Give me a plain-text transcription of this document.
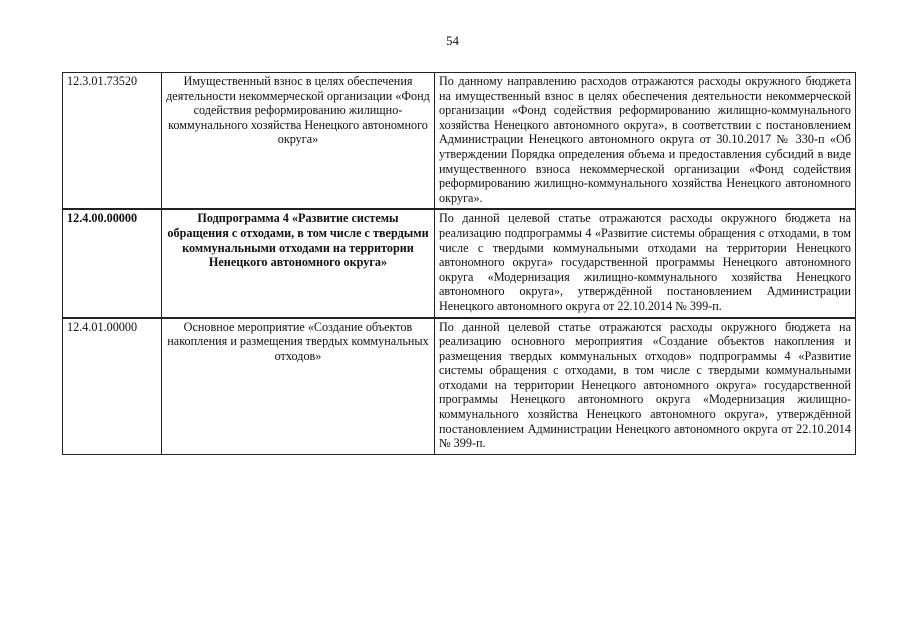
54
12.3.01.73520	Имущественный взнос в целях обеспечения деятельности некоммерческой организации «Фонд содействия реформированию жилищно-коммунального хозяйства Ненецкого автономного округа»	По данному направлению расходов отражаются расходы окружного бюджета на имущественный взнос в целях обеспечения деятельности некоммерческой организации «Фонд содействия реформированию жилищно-коммунального хозяйства Ненецкого автономного округа», в соответствии с постановлением Администрации Ненецкого автономного округа от 30.10.2017 № 330-п «Об утверждении Порядка определения объема и предоставления субсидий в виде имущественного взноса некоммерческой организации «Фонд содействия реформированию жилищно-коммунального хозяйства Ненецкого автономного округа».
12.4.00.00000	Подпрограмма 4 «Развитие системы обращения с отходами, в том числе с твердыми коммунальными отходами на территории Ненецкого автономного округа»	По данной целевой статье отражаются расходы окружного бюджета на реализацию подпрограммы 4 «Развитие системы обращения с отходами, в том числе с твердыми коммунальными отходами на территории Ненецкого автономного округа» государственной программы Ненецкого автономного округа «Модернизация жилищно-коммунального хозяйства Ненецкого автономного округа», утверждённой постановлением Администрации Ненецкого автономного округа от 22.10.2014 № 399-п.
12.4.01.00000	Основное мероприятие «Создание объектов накопления и размещения твердых коммунальных отходов»	По данной целевой статье отражаются расходы окружного бюджета на реализацию основного мероприятия «Создание объектов накопления и размещения твердых коммунальных отходов» подпрограммы 4 «Развитие системы обращения с отходами, в том числе с твердыми коммунальными отходами на территории Ненецкого автономного округа» государственной программы Ненецкого автономного округа «Модернизация жилищно-коммунального хозяйства Ненецкого автономного округа», утверждённой постановлением Администрации Ненецкого автономного округа от 22.10.2014 № 399-п.
